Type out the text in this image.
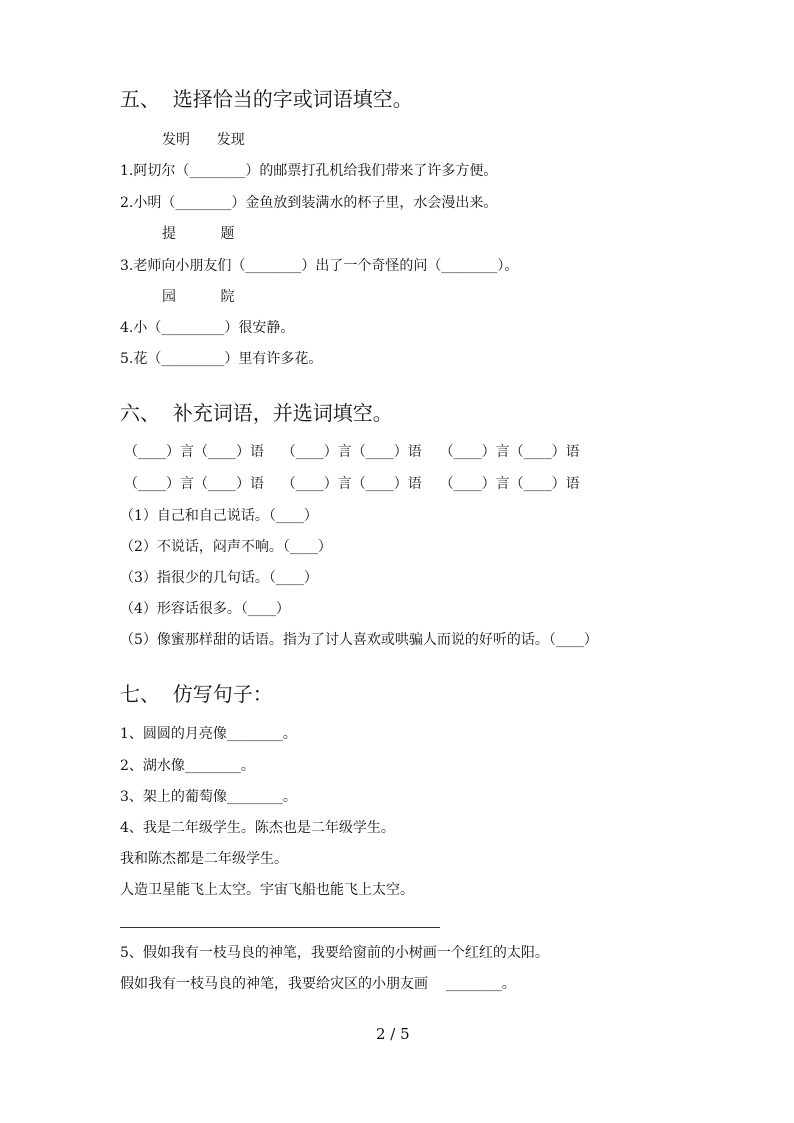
五、  选择恰当的字或词语填空。
发明      发现
1.阿切尔（________）的邮票打孔机给我们带来了许多方便。
2.小明（________）金鱼放到装满水的杯子里，水会漫出来。
提          题
3.老师向小朋友们（________）出了一个奇怪的问（________）。
园          院
4.小（_________）很安静。
5.花（_________）里有许多花。
六、  补充词语，并选词填空。
（____）言（____）语    （____）言（____）语    （____）言（____）语
（____）言（____）语    （____）言（____）语    （____）言（____）语
（1）自己和自己说话。（____）
（2）不说话，闷声不响。（____）
（3）指很少的几句话。（____）
（4）形容话很多。（____）
（5）像蜜那样甜的话语。指为了讨人喜欢或哄骗人而说的好听的话。（____）
七、  仿写句子：
1、圆圆的月亮像________。
2、湖水像________。
3、架上的葡萄像________。
4、我是二年级学生。陈杰也是二年级学生。
我和陈杰都是二年级学生。
人造卫星能飞上太空。宇宙飞船也能飞上太空。
5、假如我有一枝马良的神笔，我要给窗前的小树画一个红红的太阳。
假如我有一枝马良的神笔，我要给灾区的小朋友画    ________。
2 / 5
